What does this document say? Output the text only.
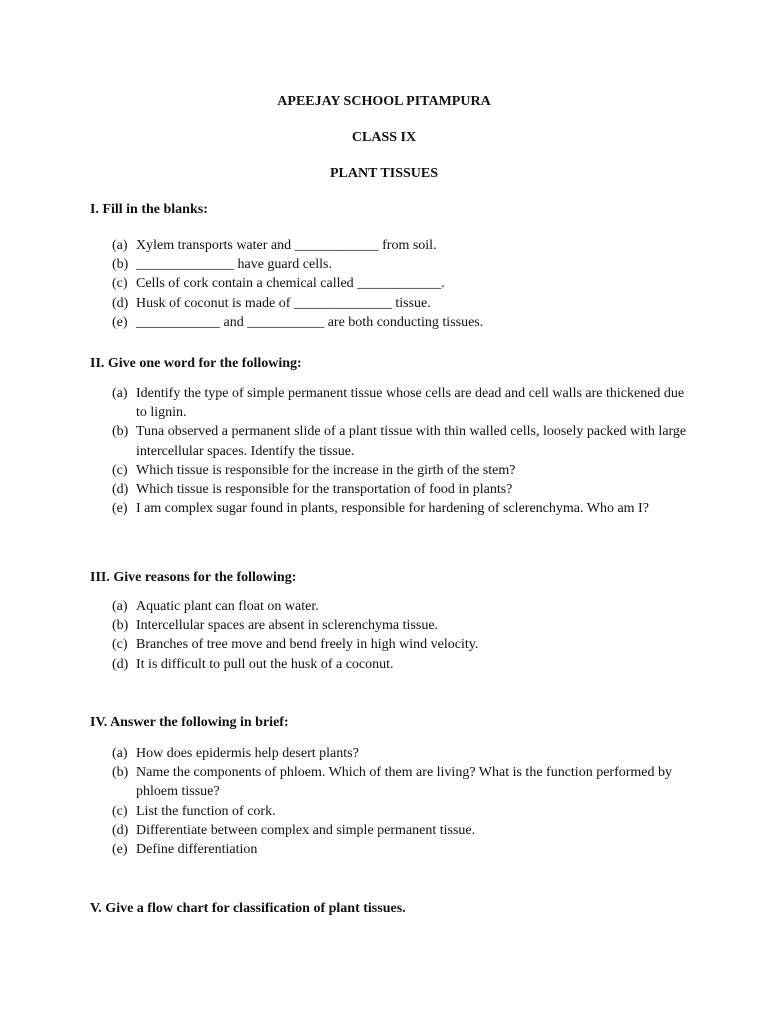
APEEJAY SCHOOL PITAMPURA
CLASS IX
PLANT TISSUES
I. Fill in the blanks:
(a) Xylem transports water and ____________ from soil.
(b) ______________ have guard cells.
(c) Cells of cork contain a chemical called ____________.
(d) Husk of coconut is made of ______________ tissue.
(e) ____________ and ___________ are both conducting tissues.
II. Give one word for the following:
(a) Identify the type of simple permanent tissue whose cells are dead and cell walls are thickened due to lignin.
(b) Tuna observed a permanent slide of a plant tissue with thin walled cells, loosely packed with large intercellular spaces. Identify the tissue.
(c) Which tissue is responsible for the increase in the girth of the stem?
(d) Which tissue is responsible for the transportation of food in plants?
(e) I am complex sugar found in plants, responsible for hardening of sclerenchyma. Who am I?
III. Give reasons for the following:
(a) Aquatic plant can float on water.
(b) Intercellular spaces are absent in sclerenchyma tissue.
(c) Branches of tree move and bend freely in high wind velocity.
(d) It is difficult to pull out the husk of a coconut.
IV. Answer the following in brief:
(a) How does epidermis help desert plants?
(b) Name the components of phloem. Which of them are living? What is the function performed by phloem tissue?
(c) List the function of cork.
(d) Differentiate between complex and simple permanent tissue.
(e) Define differentiation
V. Give a flow chart for classification of plant tissues.
